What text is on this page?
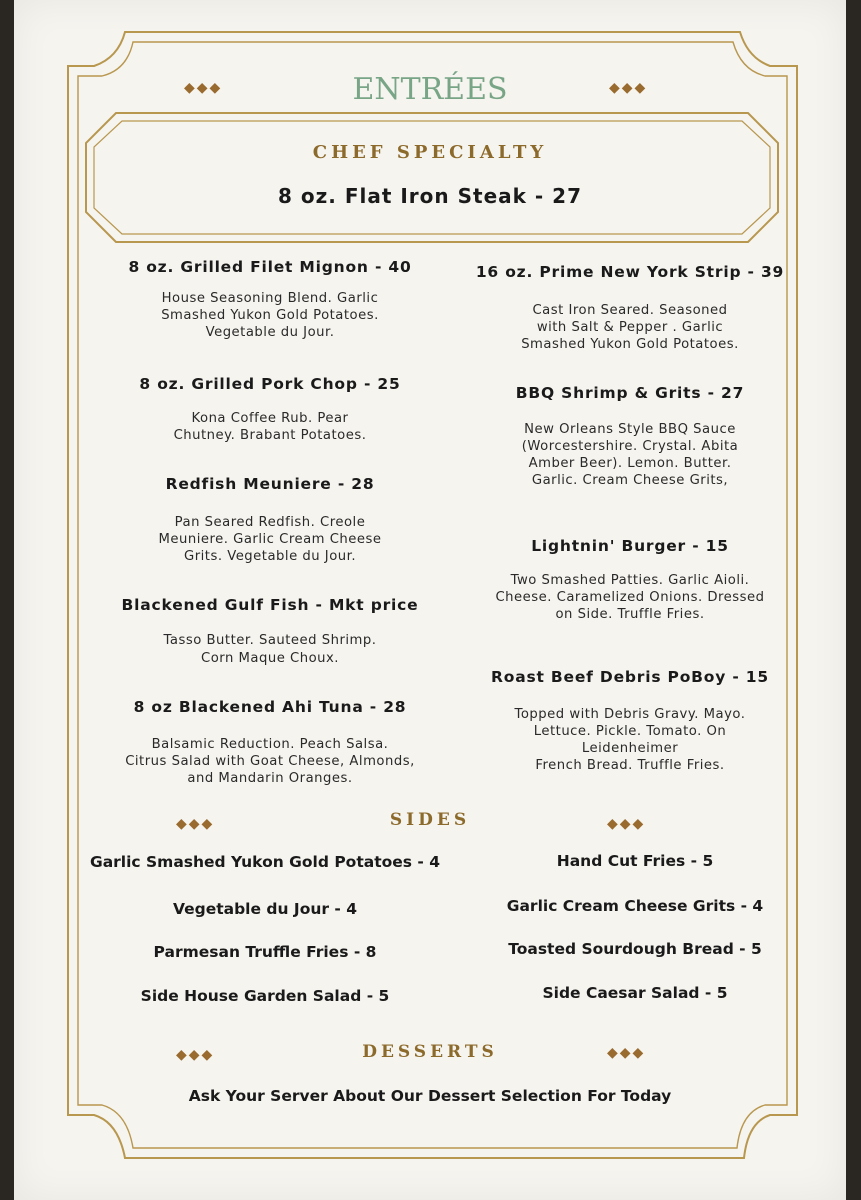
◆◆◆	ENTRÉES	◆◆◆
CHEF SPECIALTY
8 oz. Flat Iron Steak - 27
8 oz. Grilled Filet Mignon - 40
House Seasoning Blend. Garlic
Smashed Yukon Gold Potatoes.
Vegetable du Jour.
8 oz. Grilled Pork Chop - 25
Kona Coffee Rub. Pear
Chutney. Brabant Potatoes.
Redfish Meuniere - 28
Pan Seared Redfish. Creole
Meuniere. Garlic Cream Cheese
Grits. Vegetable du Jour.
Blackened Gulf Fish - Mkt price
Tasso Butter. Sauteed Shrimp.
Corn Maque Choux.
8 oz Blackened Ahi Tuna - 28
Balsamic Reduction. Peach Salsa.
Citrus Salad with Goat Cheese, Almonds,
and Mandarin Oranges.
16 oz. Prime New York Strip - 39
Cast Iron Seared. Seasoned
with Salt & Pepper . Garlic
Smashed Yukon Gold Potatoes.
BBQ Shrimp & Grits - 27
New Orleans Style BBQ Sauce
(Worcestershire. Crystal. Abita
Amber Beer). Lemon. Butter.
Garlic. Cream Cheese Grits,
Lightnin' Burger - 15
Two Smashed Patties. Garlic Aioli.
Cheese. Caramelized Onions. Dressed
on Side. Truffle Fries.
Roast Beef Debris PoBoy - 15
Topped with Debris Gravy. Mayo.
Lettuce. Pickle. Tomato. On
Leidenheimer
French Bread. Truffle Fries.
◆◆◆	SIDES	◆◆◆
Garlic Smashed Yukon Gold Potatoes - 4
Vegetable du Jour - 4
Parmesan Truffle Fries - 8
Side House Garden Salad - 5
Hand Cut Fries - 5
Garlic Cream Cheese Grits - 4
Toasted Sourdough Bread - 5
Side Caesar Salad - 5
◆◆◆	DESSERTS	◆◆◆
Ask Your Server About Our Dessert Selection For Today
